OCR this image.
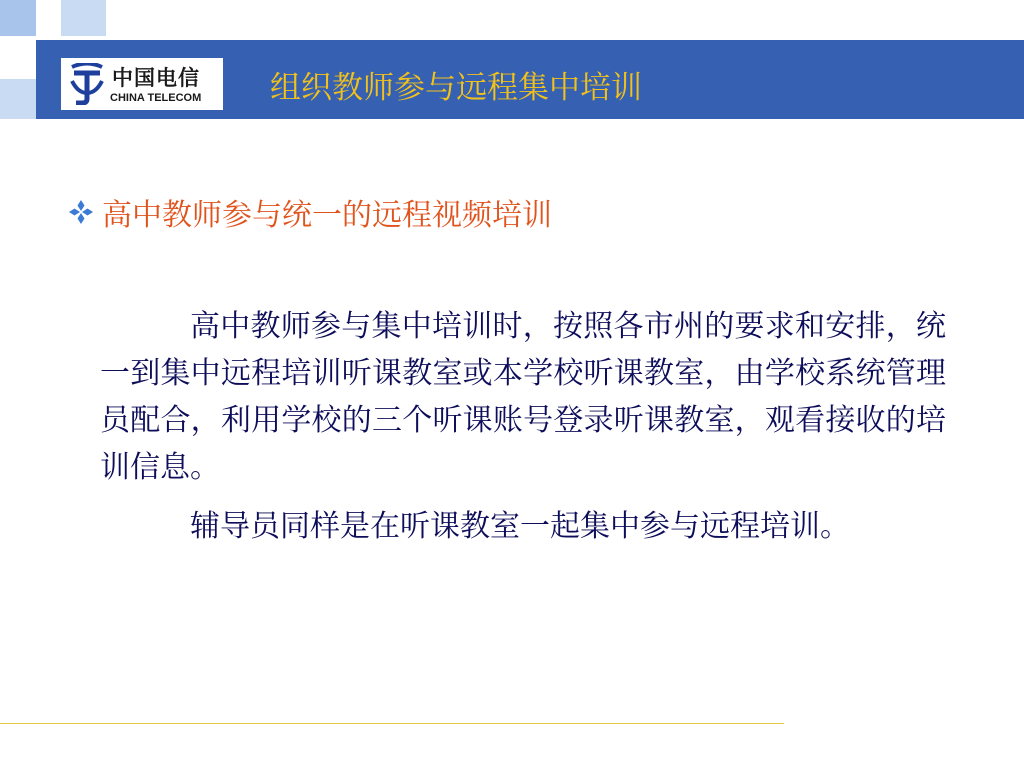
中国电信
CHINA TELECOM 组织教师参与远程集中培训
高中教师参与统一的远程视频培训

高中教师参与集中培训时，按照各市州的要求和安排，统一到集中远程培训听课教室或本学校听课教室，由学校系统管理员配合，利用学校的三个听课账号登录听课教室，观看接收的培训信息。

辅导员同样是在听课教室一起集中参与远程培训。
